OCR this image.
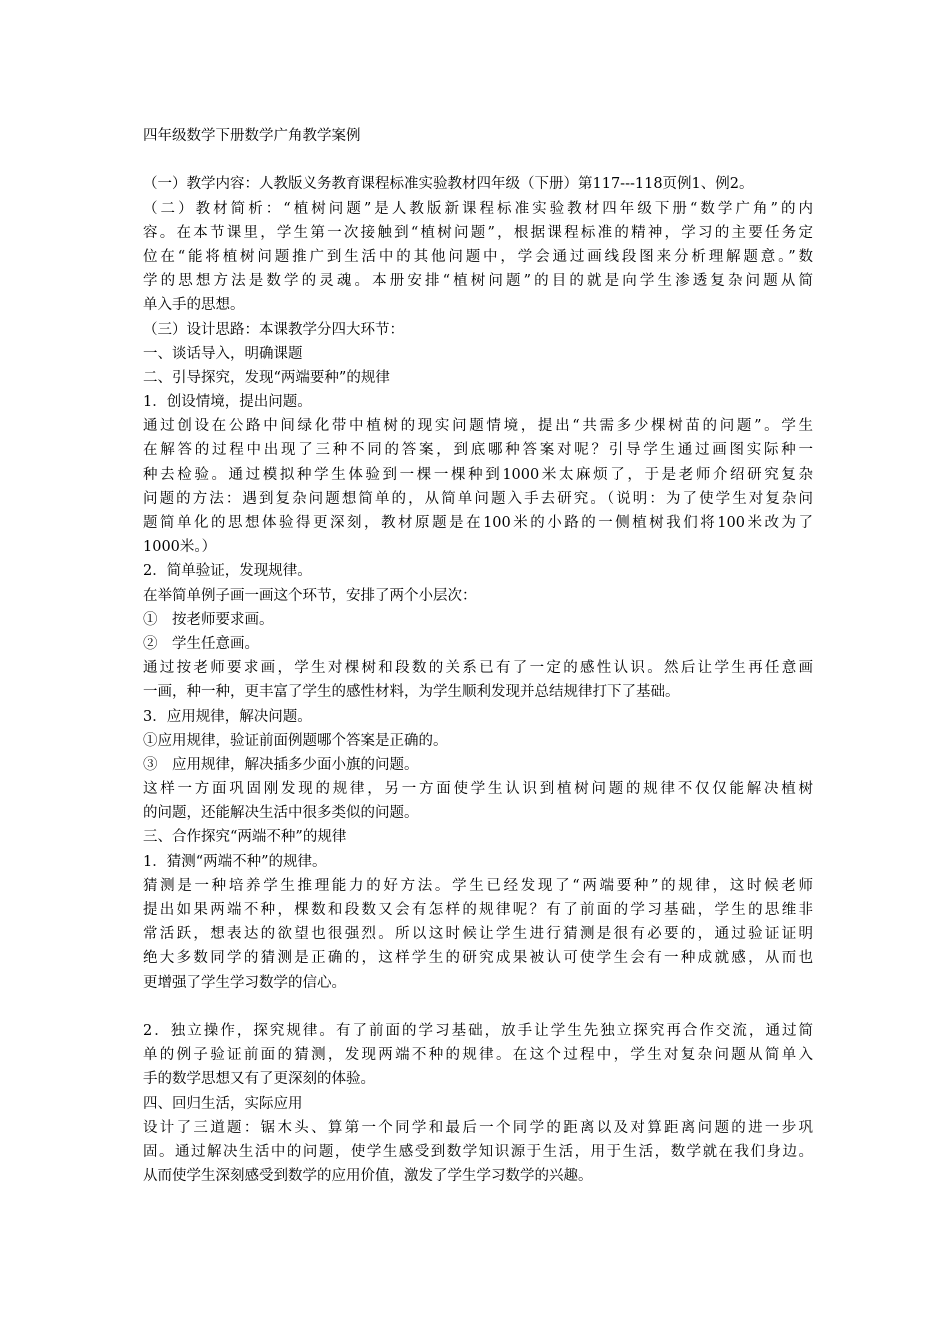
四年级数学下册数学广角教学案例
（一）教学内容：人教版义务教育课程标准实验教材四年级（下册）第117---118页例1、例2。
（二）教材简析：“植树问题”是人教版新课程标准实验教材四年级下册“数学广角”的内
容。在本节课里，学生第一次接触到“植树问题”，根据课程标准的精神，学习的主要任务定
位在“能将植树问题推广到生活中的其他问题中，学会通过画线段图来分析理解题意。”数
学的思想方法是数学的灵魂。本册安排“植树问题”的目的就是向学生渗透复杂问题从简
单入手的思想。
（三）设计思路：本课教学分四大环节：
一、谈话导入，明确课题
二、引导探究，发现“两端要种”的规律
1．创设情境，提出问题。
通过创设在公路中间绿化带中植树的现实问题情境，提出“共需多少棵树苗的问题”。学生
在解答的过程中出现了三种不同的答案，到底哪种答案对呢？引导学生通过画图实际种一
种去检验。通过模拟种学生体验到一棵一棵种到1000米太麻烦了，于是老师介绍研究复杂
问题的方法：遇到复杂问题想简单的，从简单问题入手去研究。（说明：为了使学生对复杂问
题简单化的思想体验得更深刻，教材原题是在100米的小路的一侧植树我们将100米改为了
1000米。）
2．简单验证，发现规律。
在举简单例子画一画这个环节，安排了两个小层次：
①　按老师要求画。
②　学生任意画。
通过按老师要求画，学生对棵树和段数的关系已有了一定的感性认识。然后让学生再任意画
一画，种一种，更丰富了学生的感性材料，为学生顺利发现并总结规律打下了基础。
3．应用规律，解决问题。
①应用规律，验证前面例题哪个答案是正确的。
③　应用规律，解决插多少面小旗的问题。
这样一方面巩固刚发现的规律，另一方面使学生认识到植树问题的规律不仅仅能解决植树
的问题，还能解决生活中很多类似的问题。
三、合作探究“两端不种”的规律
1．猜测“两端不种”的规律。
猜测是一种培养学生推理能力的好方法。学生已经发现了“两端要种”的规律，这时候老师
提出如果两端不种，棵数和段数又会有怎样的规律呢？有了前面的学习基础，学生的思维非
常活跃，想表达的欲望也很强烈。所以这时候让学生进行猜测是很有必要的，通过验证证明
绝大多数同学的猜测是正确的，这样学生的研究成果被认可使学生会有一种成就感，从而也
更增强了学生学习数学的信心。
2．独立操作，探究规律。有了前面的学习基础，放手让学生先独立探究再合作交流，通过简
单的例子验证前面的猜测，发现两端不种的规律。在这个过程中，学生对复杂问题从简单入
手的数学思想又有了更深刻的体验。
四、回归生活，实际应用
设计了三道题：锯木头、算第一个同学和最后一个同学的距离以及对算距离问题的进一步巩
固。通过解决生活中的问题，使学生感受到数学知识源于生活，用于生活，数学就在我们身边。
从而使学生深刻感受到数学的应用价值，激发了学生学习数学的兴趣。
